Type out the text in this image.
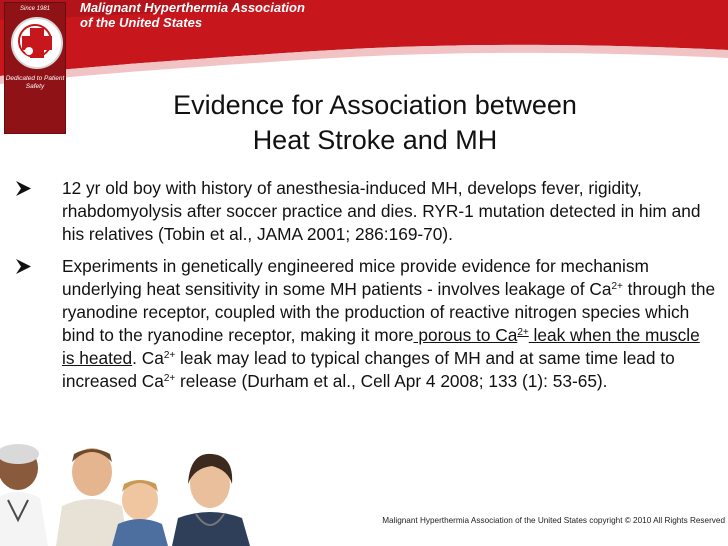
Since 1981
Dedicated to Patient Safety
Malignant Hyperthermia Association
of the United States
Evidence for Association between
Heat Stroke and MH
12 yr old boy with history of anesthesia-induced MH, develops fever, rigidity, rhabdomyolysis after soccer practice and dies. RYR-1 mutation detected in him and his relatives (Tobin et al., JAMA 2001; 286:169-70).
Experiments in genetically engineered mice provide evidence for mechanism underlying heat sensitivity in some MH patients - involves leakage of $Ca^{2+}$ through the ryanodine receptor, coupled with the production of reactive nitrogen species which bind to the ryanodine receptor, making it more porous to $Ca^{2+}$ leak when the muscle is heated. $Ca^{2+}$ leak may lead to typical changes of MH and at same time lead to increased $Ca^{2+}$ release (Durham et al., Cell Apr 4 2008; 133 (1): 53-65).
Malignant Hyperthermia Association of the United States copyright © 2010 All Rights Reserved
